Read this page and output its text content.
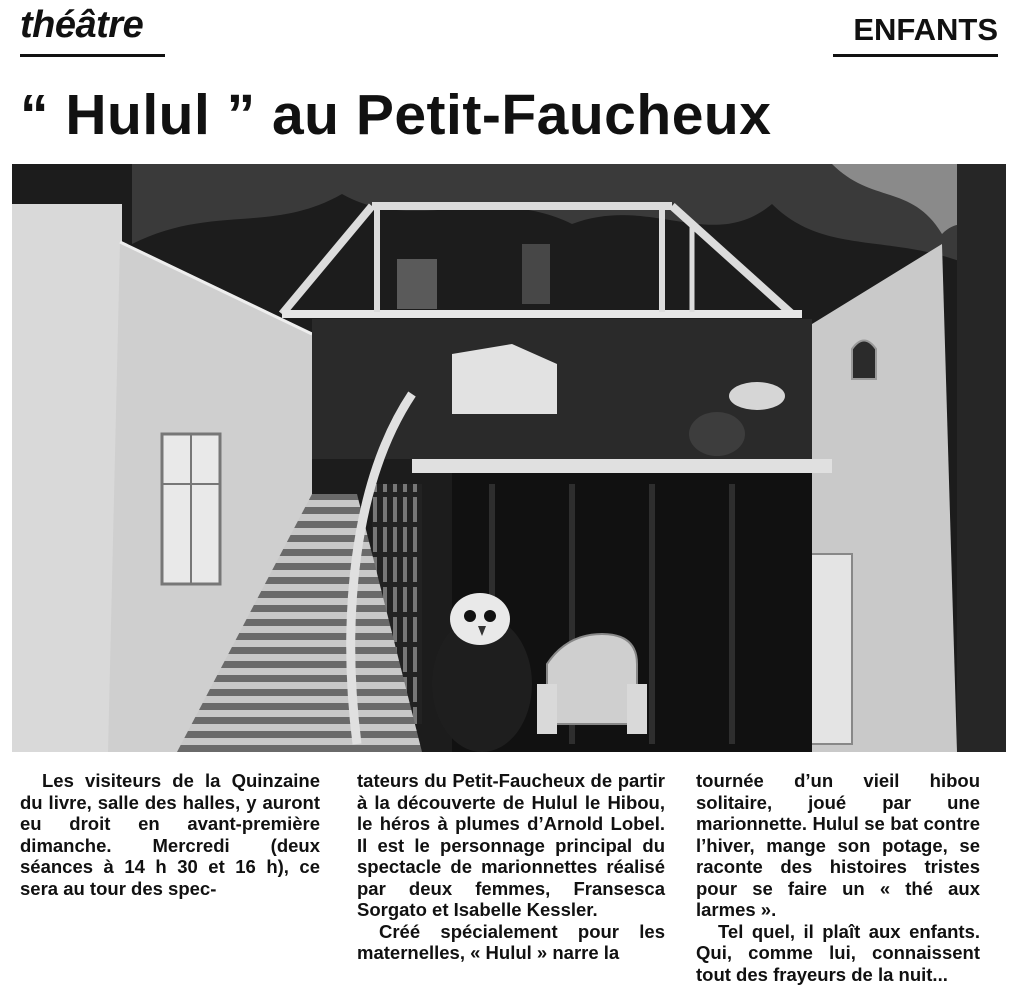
théâtre	ENFANTS
“ Hulul ” au Petit-Faucheux

Les visiteurs de la Quinzaine du livre, salle des halles, y auront eu droit en avant-première dimanche. Mercredi (deux séances à 14 h 30 et 16 h), ce sera au tour des spec-

tateurs du Petit-Faucheux de partir à la découverte de Hulul le Hibou, le héros à plumes d’Arnold Lobel. Il est le personnage principal du spectacle de marionnettes réalisé par deux femmes, Fransesca Sorgato et Isabelle Kessler.

Créé spécialement pour les maternelles, « Hulul » narre la

tournée d’un vieil hibou solitaire, joué par une marionnette. Hulul se bat contre l’hiver, mange son potage, se raconte des histoires tristes pour se faire un « thé aux larmes ».

Tel quel, il plaît aux enfants. Qui, comme lui, connaissent tout des frayeurs de la nuit...
